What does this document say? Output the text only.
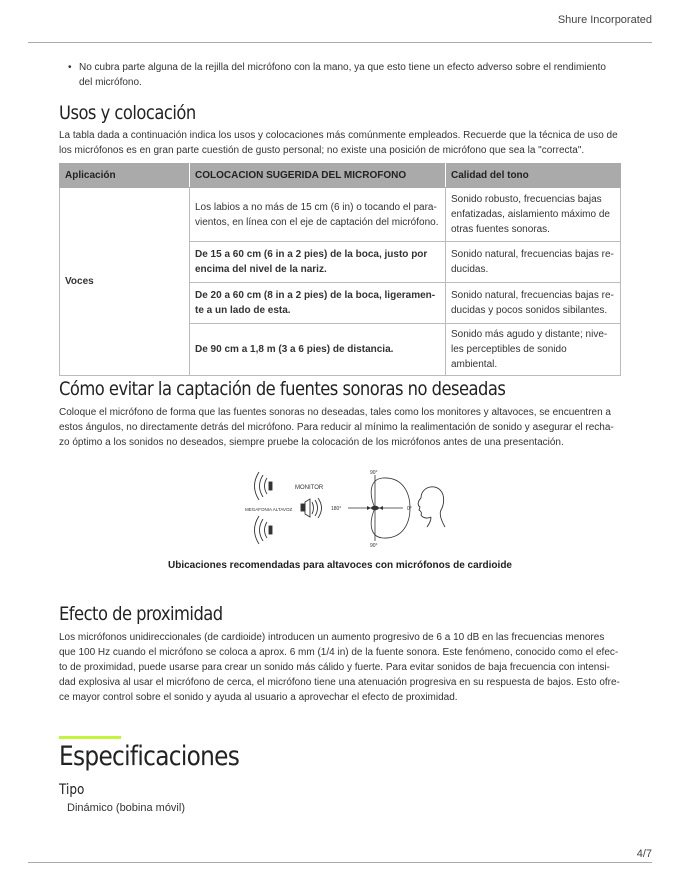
Shure Incorporated
• No cubra parte alguna de la rejilla del micrófono con la mano, ya que esto tiene un efecto adverso sobre el rendimiento del micrófono.
Usos y colocación

La tabla dada a continuación indica los usos y colocaciones más comúnmente empleados. Recuerde que la técnica de uso de los micrófonos es en gran parte cuestión de gusto personal; no existe una posición de micrófono que sea la "correcta".

Aplicación	COLOCACION SUGERIDA DEL MICROFONO	Calidad del tono
Voces	Los labios a no más de 15 cm (6 in) o tocando el para-vientos, en línea con el eje de captación del micrófono.	Sonido robusto, frecuencias bajas enfatizadas, aislamiento máximo de otras fuentes sonoras.
	De 15 a 60 cm (6 in a 2 pies) de la boca, justo por encima del nivel de la nariz.	Sonido natural, frecuencias bajas re-ducidas.
	De 20 a 60 cm (8 in a 2 pies) de la boca, ligeramen-te a un lado de esta.	Sonido natural, frecuencias bajas re-ducidas y pocos sonidos sibilantes.
	De 90 cm a 1,8 m (3 a 6 pies) de distancia.	Sonido más agudo y distante; nive-les perceptibles de sonido ambiental.
Cómo evitar la captación de fuentes sonoras no deseadas

Coloque el micrófono de forma que las fuentes sonoras no deseadas, tales como los monitores y altavoces, se encuentren a estos ángulos, no directamente detrás del micrófono. Para reducir al mínimo la realimentación de sonido y asegurar el recha-zo óptimo a los sonidos no deseados, siempre pruebe la colocación de los micrófonos antes de una presentación.

MONITOR
MEGAFONIA ALTAVOZ
90°
90°
180°	0°
Ubicaciones recomendadas para altavoces con micrófonos de cardioide
Efecto de proximidad

Los micrófonos unidireccionales (de cardioide) introducen un aumento progresivo de 6 a 10 dB en las frecuencias menores que 100 Hz cuando el micrófono se coloca a aprox. 6 mm (1/4 in) de la fuente sonora. Este fenómeno, conocido como el efec-to de proximidad, puede usarse para crear un sonido más cálido y fuerte. Para evitar sonidos de baja frecuencia con intensi-dad explosiva al usar el micrófono de cerca, el micrófono tiene una atenuación progresiva en su respuesta de bajos. Esto ofre-ce mayor control sobre el sonido y ayuda al usuario a aprovechar el efecto de proximidad.

Especificaciones
Tipo
Dinámico (bobina móvil)
4/7
